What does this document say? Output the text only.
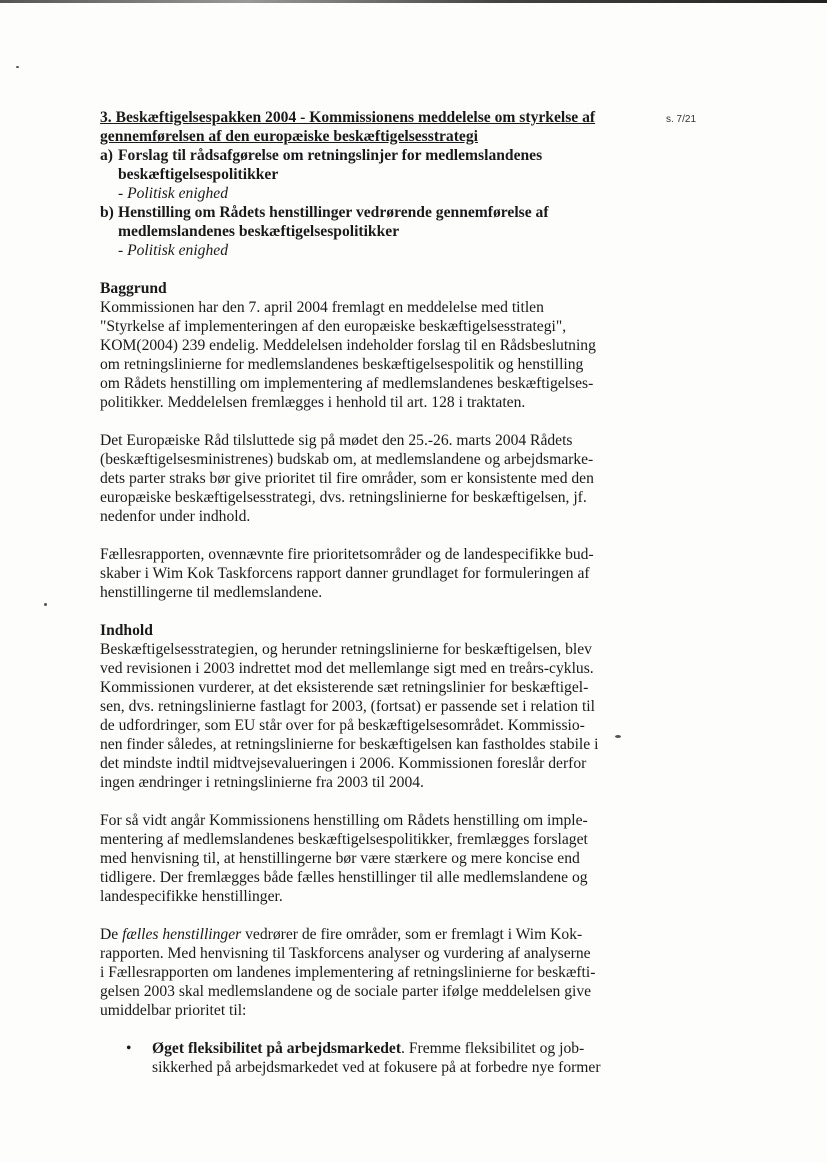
s. 7/21
3. Beskæftigelsespakken 2004 - Kommissionens meddelelse om styrkelse af
gennemførelsen af den europæiske beskæftigelsesstrategi
a) Forslag til rådsafgørelse om retningslinjer for medlemslandenes
beskæftigelsespolitikker
- Politisk enighed
b) Henstilling om Rådets henstillinger vedrørende gennemførelse af
medlemslandenes beskæftigelsespolitikker
- Politisk enighed
Baggrund

Kommissionen har den 7. april 2004 fremlagt en meddelelse med titlen
"Styrkelse af implementeringen af den europæiske beskæftigelsesstrategi",
KOM(2004) 239 endelig. Meddelelsen indeholder forslag til en Rådsbeslutning
om retningslinierne for medlemslandenes beskæftigelsespolitik og henstilling
om Rådets henstilling om implementering af medlemslandenes beskæftigelses-
politikker. Meddelelsen fremlægges i henhold til art. 128 i traktaten.

Det Europæiske Råd tilsluttede sig på mødet den 25.-26. marts 2004 Rådets
(beskæftigelsesministrenes) budskab om, at medlemslandene og arbejdsmarke-
dets parter straks bør give prioritet til fire områder, som er konsistente med den
europæiske beskæftigelsesstrategi, dvs. retningslinierne for beskæftigelsen, jf.
nedenfor under indhold.

Fællesrapporten, ovennævnte fire prioritetsområder og de landespecifikke bud-
skaber i Wim Kok Taskforcens rapport danner grundlaget for formuleringen af
henstillingerne til medlemslandene.

Indhold

Beskæftigelsesstrategien, og herunder retningslinierne for beskæftigelsen, blev
ved revisionen i 2003 indrettet mod det mellemlange sigt med en treårs-cyklus.
Kommissionen vurderer, at det eksisterende sæt retningslinier for beskæftigel-
sen, dvs. retningslinierne fastlagt for 2003, (fortsat) er passende set i relation til
de udfordringer, som EU står over for på beskæftigelsesområdet. Kommissio-
nen finder således, at retningslinierne for beskæftigelsen kan fastholdes stabile i
det mindste indtil midtvejsevalueringen i 2006. Kommissionen foreslår derfor
ingen ændringer i retningslinierne fra 2003 til 2004.

For så vidt angår Kommissionens henstilling om Rådets henstilling om imple-
mentering af medlemslandenes beskæftigelsespolitikker, fremlægges forslaget
med henvisning til, at henstillingerne bør være stærkere og mere koncise end
tidligere. Der fremlægges både fælles henstillinger til alle medlemslandene og
landespecifikke henstillinger.

De fælles henstillinger vedrører de fire områder, som er fremlagt i Wim Kok-
rapporten. Med henvisning til Taskforcens analyser og vurdering af analyserne
i Fællesrapporten om landenes implementering af retningslinierne for beskæfti-
gelsen 2003 skal medlemslandene og de sociale parter ifølge meddelelsen give
umiddelbar prioritet til:

•	Øget fleksibilitet på arbejdsmarkedet. Fremme fleksibilitet og job-
sikkerhed på arbejdsmarkedet ved at fokusere på at forbedre nye former
